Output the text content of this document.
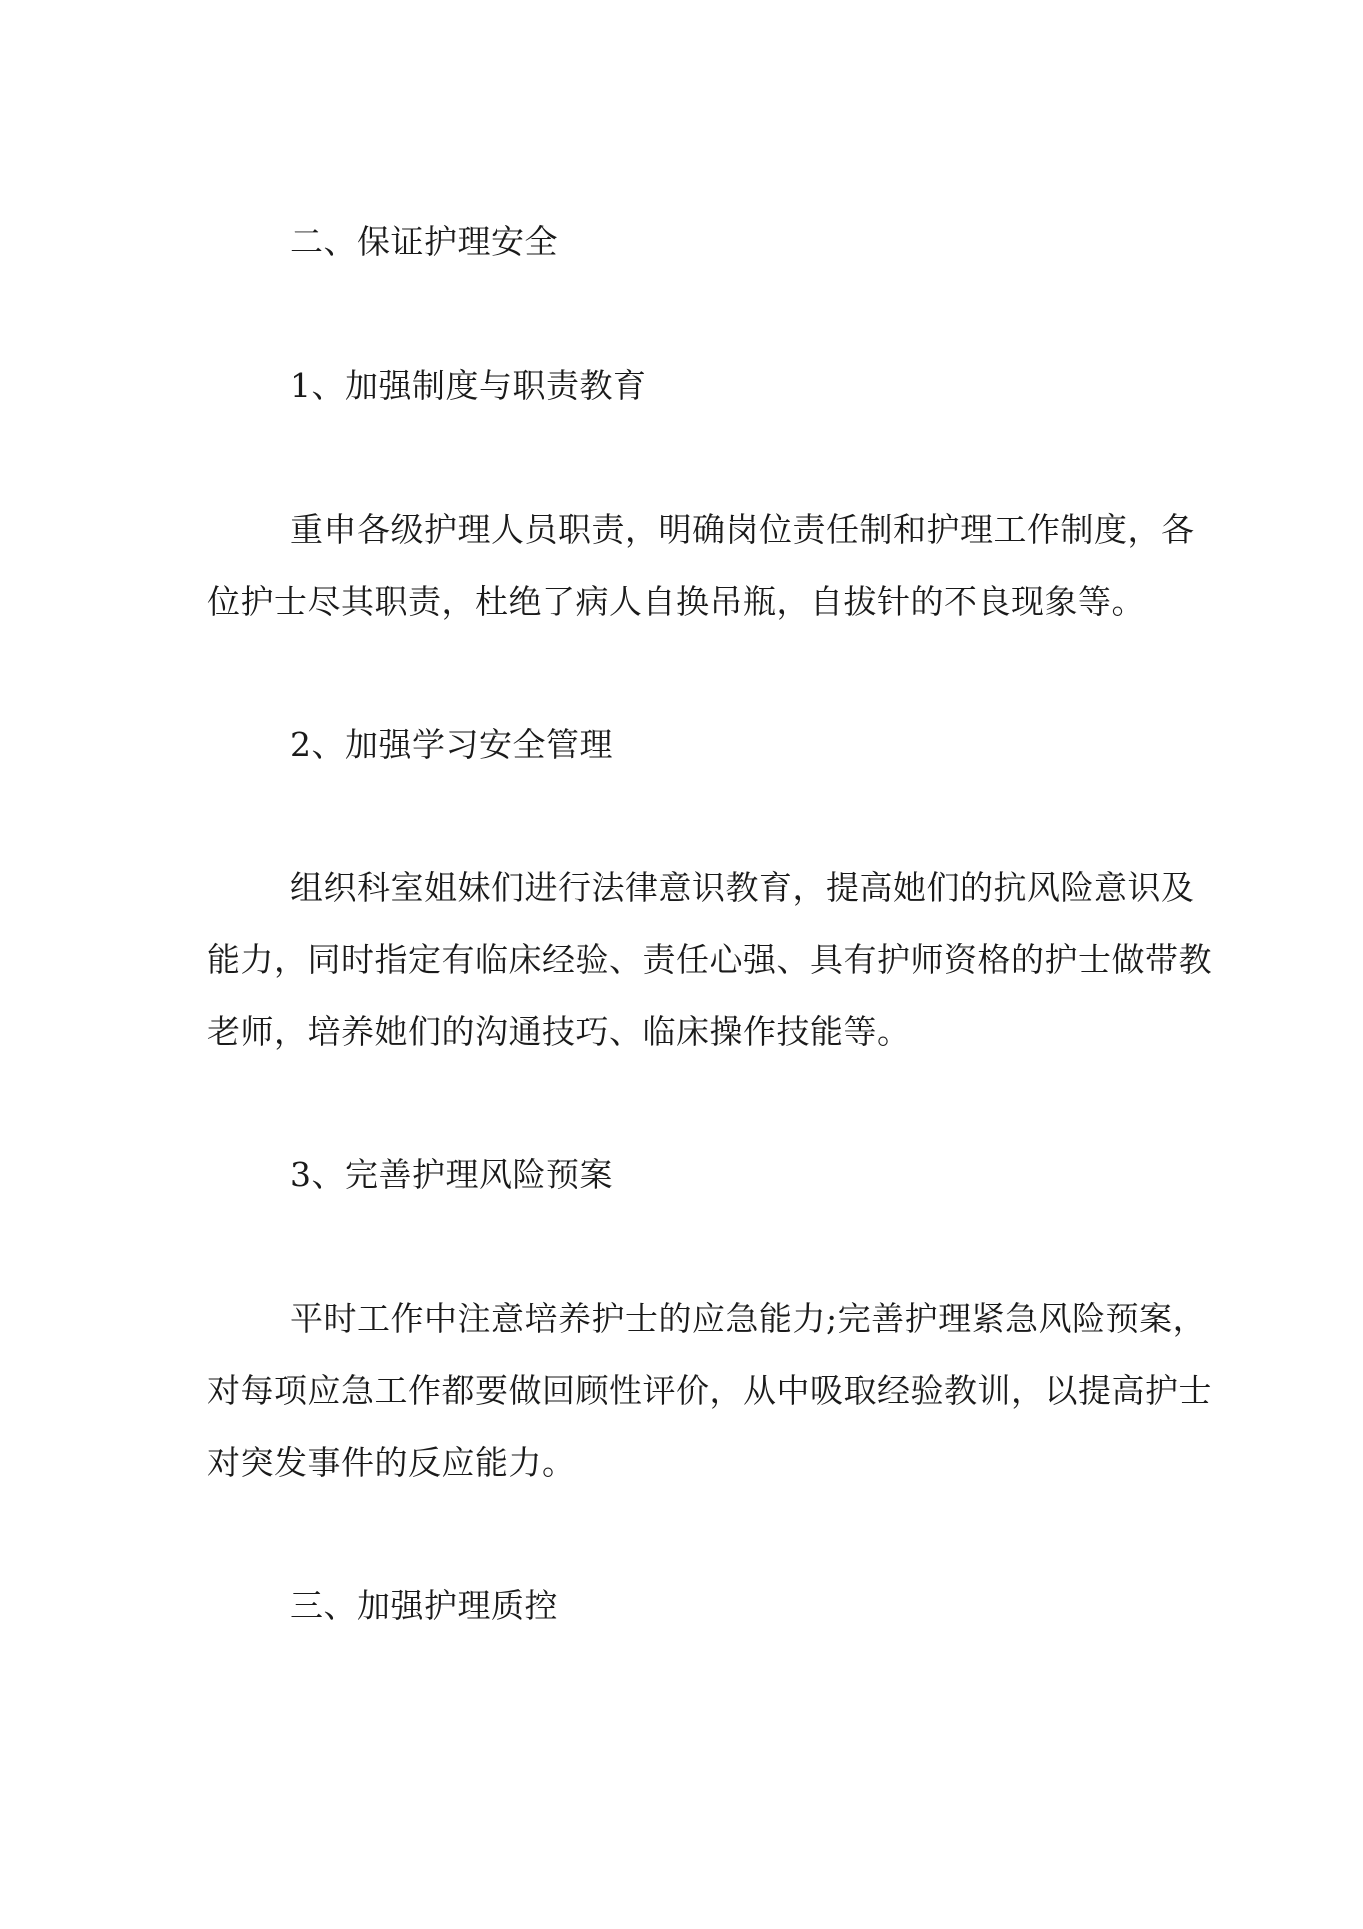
二、保证护理安全

1、加强制度与职责教育

重申各级护理人员职责，明确岗位责任制和护理工作制度，各
位护士尽其职责，杜绝了病人自换吊瓶，自拔针的不良现象等。

2、加强学习安全管理

组织科室姐妹们进行法律意识教育，提高她们的抗风险意识及
能力，同时指定有临床经验、责任心强、具有护师资格的护士做带教
老师，培养她们的沟通技巧、临床操作技能等。

3、完善护理风险预案

平时工作中注意培养护士的应急能力;完善护理紧急风险预案，
对每项应急工作都要做回顾性评价，从中吸取经验教训，以提高护士
对突发事件的反应能力。

三、加强护理质控
